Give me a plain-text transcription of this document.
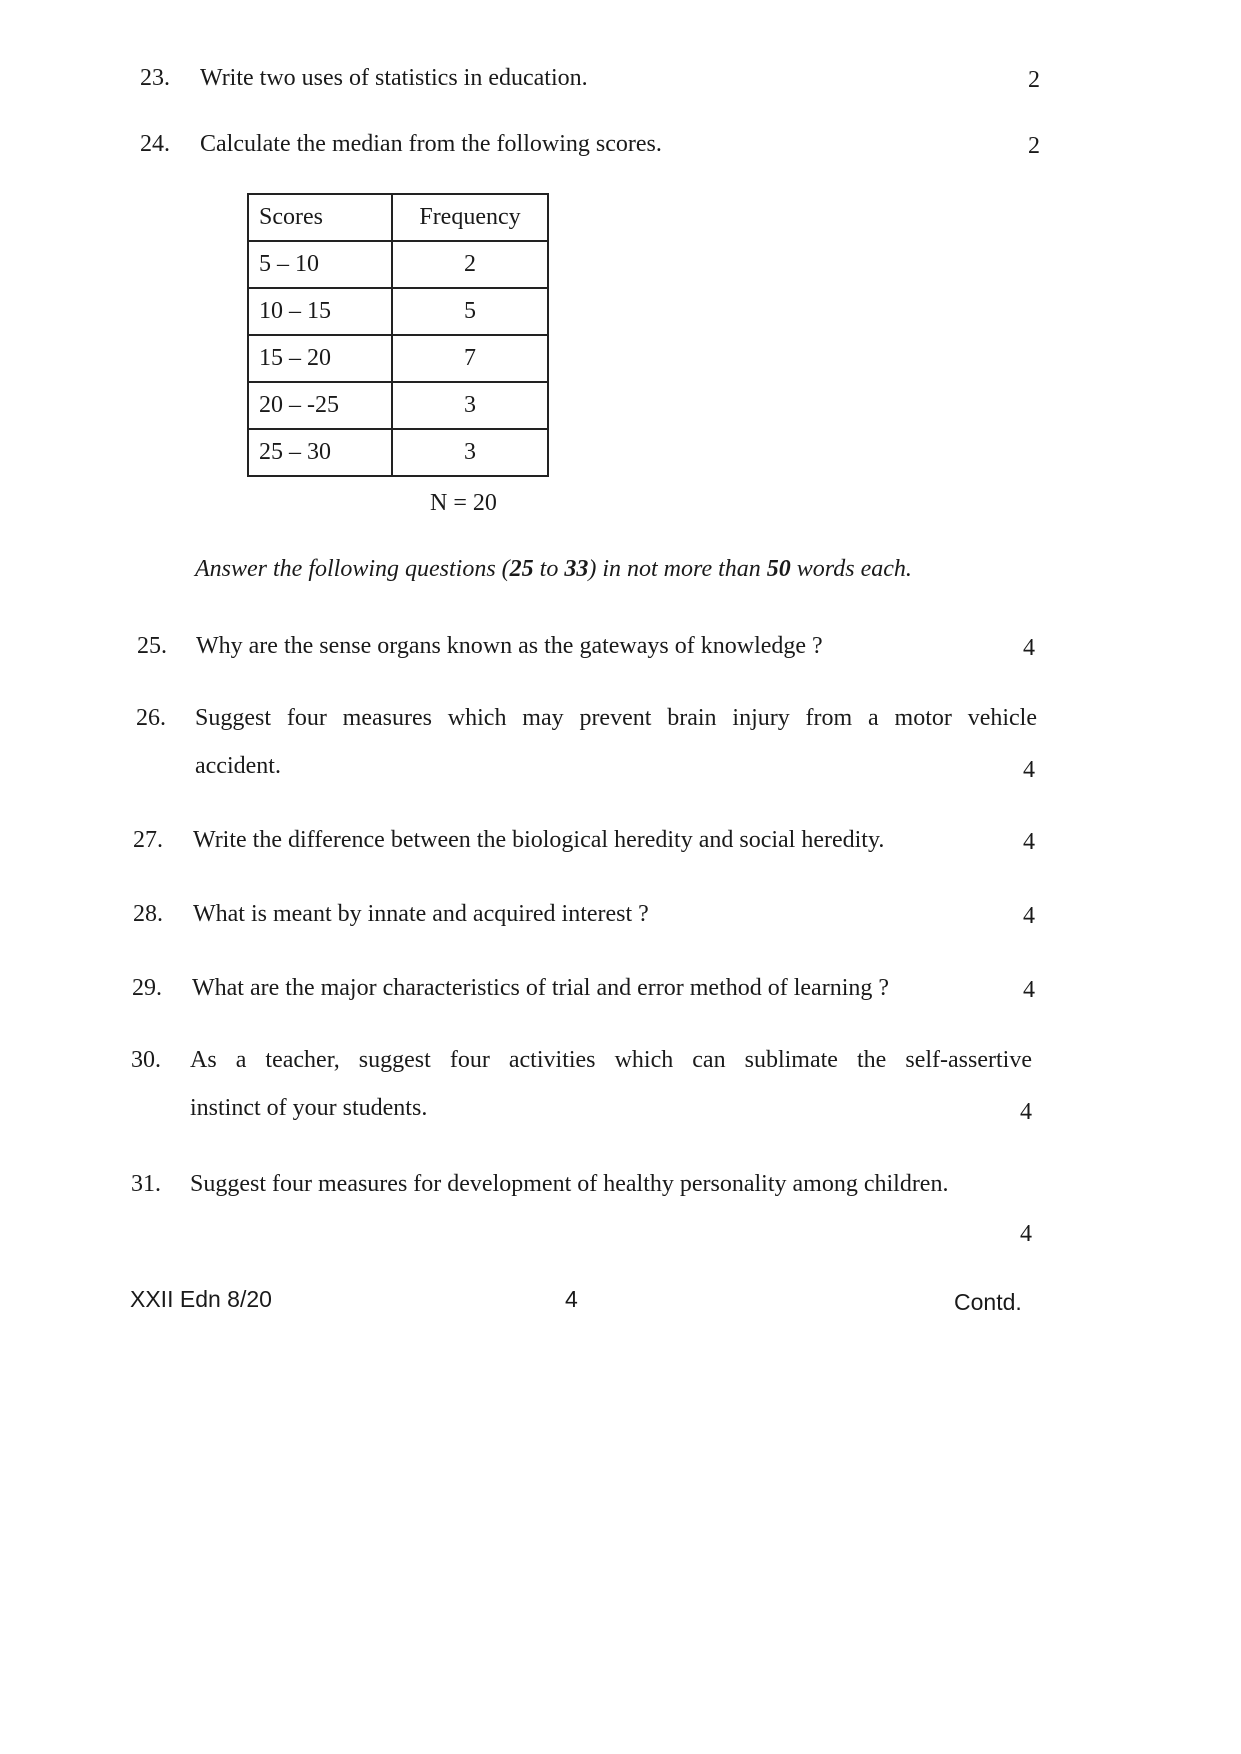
23. Write two uses of statistics in education.	2
24. Calculate the median from the following scores.	2
Scores	Frequency
5 – 10	2
10 – 15	5
15 – 20	7
20 – -25	3
25 – 30	3
N = 20
Answer the following questions (25 to 33) in not more than 50 words each.
25. Why are the sense organs known as the gateways of knowledge ?	4
26. Suggest four measures which may prevent brain injury from a motor vehicle
accident.	4
27. Write the difference between the biological heredity and social heredity.	4
28. What is meant by innate and acquired interest ?	4
29. What are the major characteristics of trial and error method of learning ?	4
30. As a teacher, suggest four activities which can sublimate the self-assertive
instinct of your students.	4
31. Suggest four measures for development of healthy personality among children.
4
XXII Edn 8/20	4	Contd.
